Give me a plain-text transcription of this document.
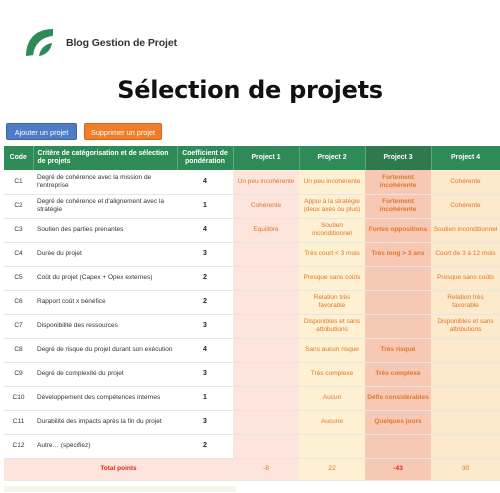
Blog Gestion de Projet
Sélection de projets
Ajouter un projet	Supprimer un projet
Code	Critère de catégorisation et de sélection de projets	Coefficient de pondération	Project 1	Project 2	Project 3	Project 4
C1	Degré de cohérence avec la mission de l'entreprise	4	Un peu incohérente	Un peu incohérente	Fortement incohérente	Cohérente
C2	Degré de cohérence et d'alignement avec la stratégie	1	Cohérente	Appui à la stratégie (deux axes ou plus)	Fortement incohérente	Cohérente
C3	Soutien des parties prenantes	4	Equilibre	Soutien inconditionnel	Fortes oppositions	Soutien inconditionnel
C4	Durée du projet	3		Très court < 3 mois	Très long > 3 ans	Court de 3 à 12 mois
C5	Coût du projet (Capex + Opex externes)	2		Presque sans coûts		Presque sans coûts
C6	Rapport coût x bénéfice	2		Relation très favorable		Relation très favorable
C7	Disponibilité des ressources	3		Disponibles et sans attributions		Disponibles et sans attributions
C8	Degré de risque du projet durant son exécution	4		Sans aucun risque	Très risqué	
C9	Degré de complexité du projet	3		Très complexe	Très complexe	
C10	Développement des compétences internes	1		Aucun	Défis considérables	
C11	Durabilité des impacts après la fin du projet	3		Aucune	Quelques jours	
C12	Autre… (spécifiez)	2				
Total points			-8	22	-43	30
